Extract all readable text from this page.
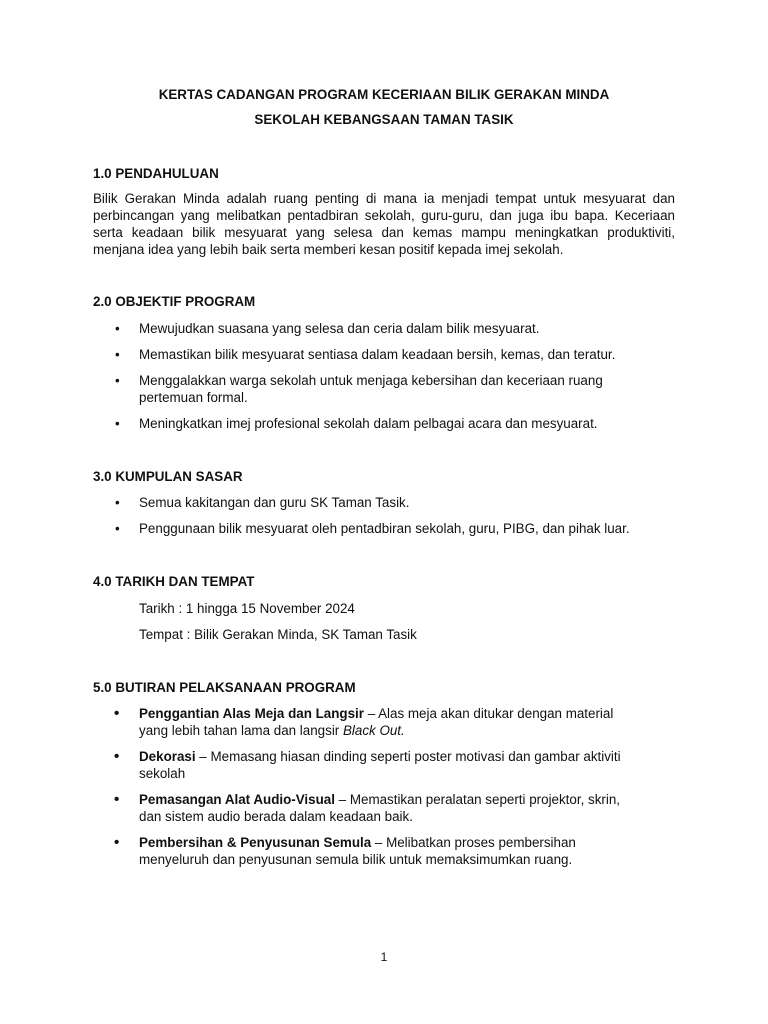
KERTAS CADANGAN PROGRAM KECERIAAN BILIK GERAKAN MINDA
SEKOLAH KEBANGSAAN TAMAN TASIK
1.0 PENDAHULUAN
Bilik Gerakan Minda adalah ruang penting di mana ia menjadi tempat untuk mesyuarat dan perbincangan yang melibatkan pentadbiran sekolah, guru-guru, dan juga ibu bapa. Keceriaan serta keadaan bilik mesyuarat yang selesa dan kemas mampu meningkatkan produktiviti, menjana idea yang lebih baik serta memberi kesan positif kepada imej sekolah.
2.0 OBJEKTIF PROGRAM
• Mewujudkan suasana yang selesa dan ceria dalam bilik mesyuarat.
• Memastikan bilik mesyuarat sentiasa dalam keadaan bersih, kemas, dan teratur.
• Menggalakkan warga sekolah untuk menjaga kebersihan dan keceriaan ruang pertemuan formal.
• Meningkatkan imej profesional sekolah dalam pelbagai acara dan mesyuarat.
3.0 KUMPULAN SASAR
• Semua kakitangan dan guru SK Taman Tasik.
• Penggunaan bilik mesyuarat oleh pentadbiran sekolah, guru, PIBG, dan pihak luar.
4.0 TARIKH DAN TEMPAT
Tarikh : 1 hingga 15 November 2024
Tempat : Bilik Gerakan Minda, SK Taman Tasik
5.0 BUTIRAN PELAKSANAAN PROGRAM
• Penggantian Alas Meja dan Langsir – Alas meja akan ditukar dengan material yang lebih tahan lama dan langsir Black Out.
• Dekorasi – Memasang hiasan dinding seperti poster motivasi dan gambar aktiviti sekolah
• Pemasangan Alat Audio-Visual – Memastikan peralatan seperti projektor, skrin, dan sistem audio berada dalam keadaan baik.
• Pembersihan & Penyusunan Semula – Melibatkan proses pembersihan menyeluruh dan penyusunan semula bilik untuk memaksimumkan ruang.
1
